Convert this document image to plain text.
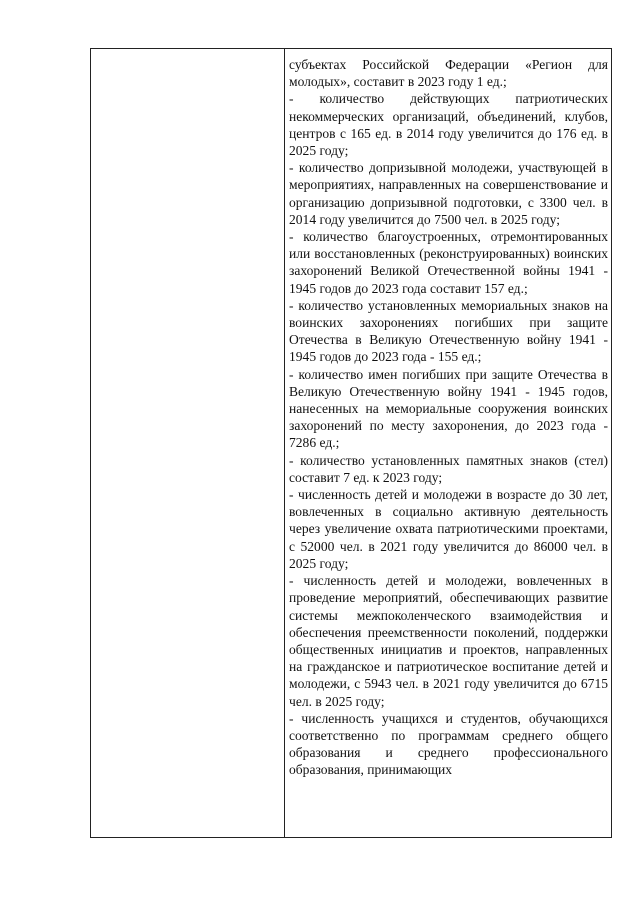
субъектах Российской Федерации «Регион для молодых», составит в 2023 году 1 ед.;

- количество действующих патриотических некоммерческих организаций, объединений, клубов, центров с 165 ед. в 2014 году увеличится до 176 ед. в 2025 году;

- количество допризывной молодежи, участвующей в мероприятиях, направленных на совершенствование и организацию допризывной подготовки, с 3300 чел. в 2014 году увеличится до 7500 чел. в 2025 году;

- количество благоустроенных, отремонтированных или восстановленных (реконструированных) воинских захоронений Великой Отечественной войны 1941 - 1945 годов до 2023 года составит 157 ед.;

- количество установленных мемориальных знаков на воинских захоронениях погибших при защите Отечества в Великую Отечественную войну 1941 - 1945 годов до 2023 года - 155 ед.;

- количество имен погибших при защите Отечества в Великую Отечественную войну 1941 - 1945 годов, нанесенных на мемориальные сооружения воинских захоронений по месту захоронения, до 2023 года - 7286 ед.;

- количество установленных памятных знаков (стел) составит 7 ед. к 2023 году;

- численность детей и молодежи в возрасте до 30 лет, вовлеченных в социально активную деятельность через увеличение охвата патриотическими проектами, с 52000 чел. в 2021 году увеличится до 86000 чел. в 2025 году;

- численность детей и молодежи, вовлеченных в проведение мероприятий, обеспечивающих развитие системы межпоколенческого взаимодействия и обеспечения преемственности поколений, поддержки общественных инициатив и проектов, направленных на гражданское и патриотическое воспитание детей и молодежи, с 5943 чел. в 2021 году увеличится до 6715 чел. в 2025 году;

- численность учащихся и студентов, обучающихся соответственно по программам среднего общего образования и среднего профессионального образования, принимающих
